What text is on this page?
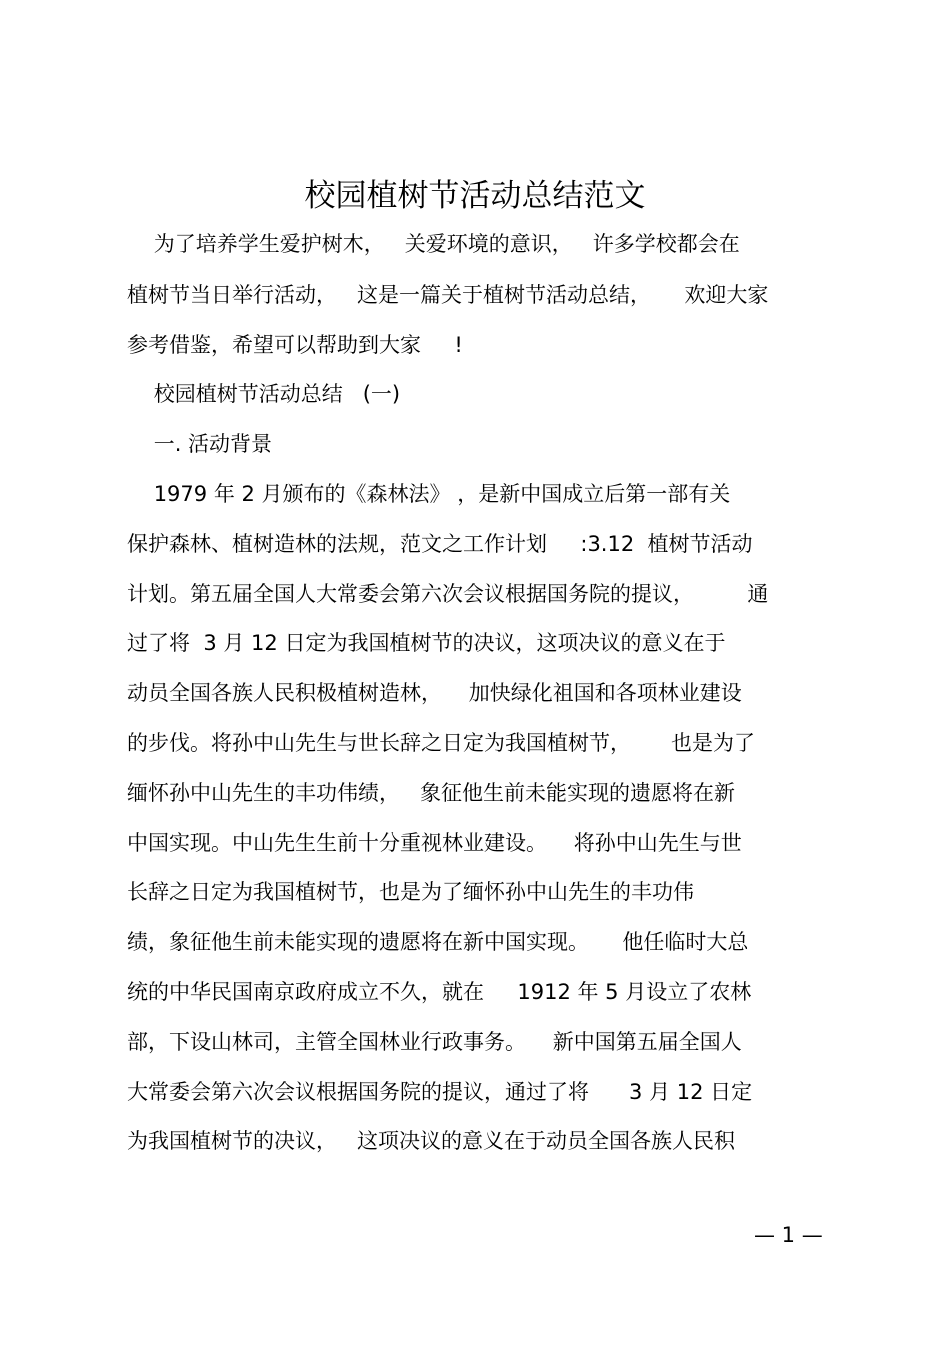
校园植树节活动总结范文
为了培养学生爱护树木，   关爱环境的意识，   许多学校都会在
植树节当日举行活动，   这是一篇关于植树节活动总结，     欢迎大家
参考借鉴，希望可以帮助到大家     !
校园植树节活动总结   (一)
一. 活动背景
1979 年 2 月颁布的《森林法》 ，是新中国成立后第一部有关
保护森林、植树造林的法规，范文之工作计划     :3.12  植树节活动
计划。第五届全国人大常委会第六次会议根据国务院的提议，        通
过了将  3 月 12 日定为我国植树节的决议，这项决议的意义在于
动员全国各族人民积极植树造林，    加快绿化祖国和各项林业建设
的步伐。将孙中山先生与世长辞之日定为我国植树节，      也是为了
缅怀孙中山先生的丰功伟绩，   象征他生前未能实现的遗愿将在新
中国实现。中山先生生前十分重视林业建设。    将孙中山先生与世
长辞之日定为我国植树节，也是为了缅怀孙中山先生的丰功伟
绩，象征他生前未能实现的遗愿将在新中国实现。     他任临时大总
统的中华民国南京政府成立不久，就在     1912 年 5 月设立了农林
部，下设山林司，主管全国林业行政事务。    新中国第五届全国人
大常委会第六次会议根据国务院的提议，通过了将      3 月 12 日定
为我国植树节的决议，   这项决议的意义在于动员全国各族人民积
— 1 —
